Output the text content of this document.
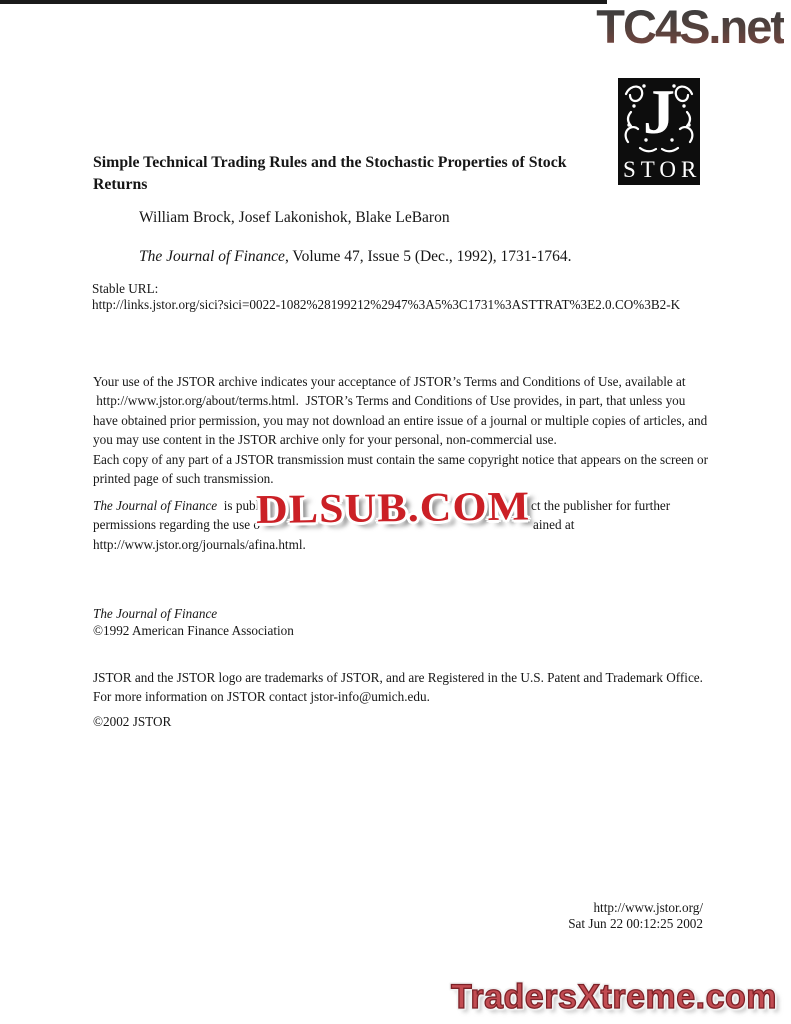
TC4S.net
J
STOR
Simple Technical Trading Rules and the Stochastic Properties of Stock
Returns
William Brock, Josef Lakonishok, Blake LeBaron
The Journal of Finance, Volume 47, Issue 5 (Dec., 1992), 1731-1764.
Stable URL:
http://links.jstor.org/sici?sici=0022-1082%28199212%2947%3A5%3C1731%3ASTTRAT%3E2.0.CO%3B2-K
Your use of the JSTOR archive indicates your acceptance of JSTOR’s Terms and Conditions of Use, available at
http://www.jstor.org/about/terms.html.  JSTOR’s Terms and Conditions of Use provides, in part, that unless you
have obtained prior permission, you may not download an entire issue of a journal or multiple copies of articles, and
you may use content in the JSTOR archive only for your personal, non-commercial use.
Each copy of any part of a JSTOR transmission must contain the same copyright notice that appears on the screen or
printed page of such transmission.
The Journal of Finance  is publ	ct the publisher for further
permissions regarding the use o	ained at
http://www.jstor.org/journals/afina.html.
DLSUB.COM
The Journal of Finance
©1992 American Finance Association
JSTOR and the JSTOR logo are trademarks of JSTOR, and are Registered in the U.S. Patent and Trademark Office.
For more information on JSTOR contact jstor-info@umich.edu.
©2002 JSTOR
http://www.jstor.org/
Sat Jun 22 00:12:25 2002
TradersXtreme.com
